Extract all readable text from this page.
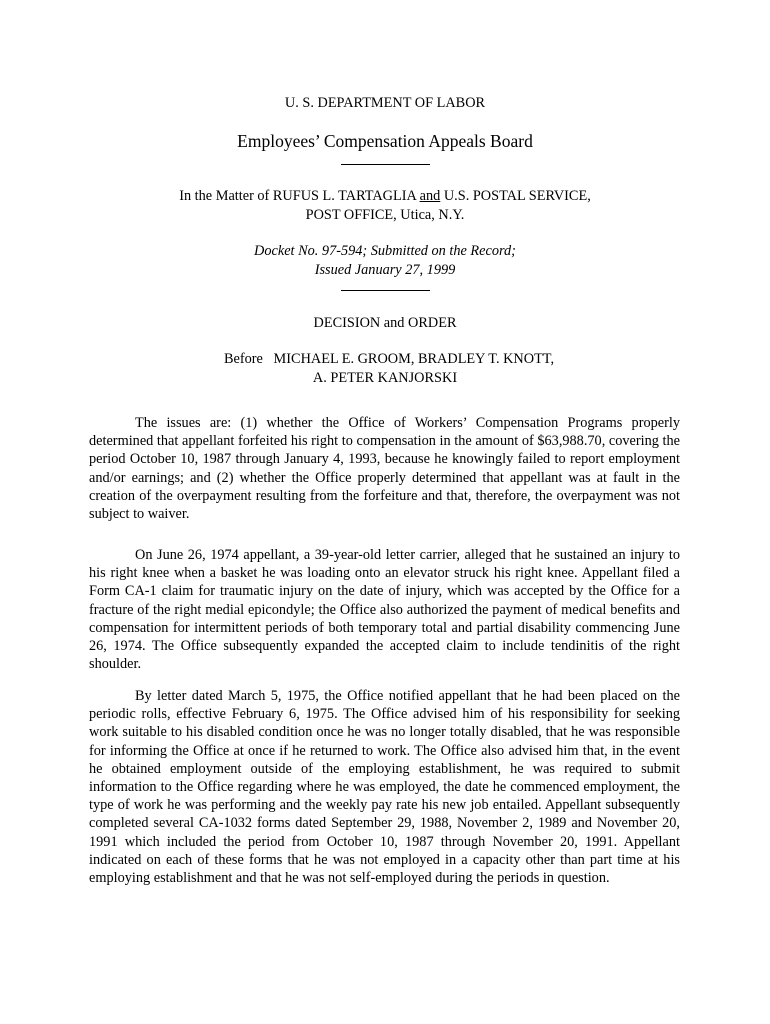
U. S. DEPARTMENT OF LABOR
Employees’ Compensation Appeals Board
In the Matter of RUFUS L. TARTAGLIA and U.S. POSTAL SERVICE,
POST OFFICE, Utica, N.Y.
Docket No. 97-594; Submitted on the Record;
Issued January 27, 1999
DECISION and ORDER
Before   MICHAEL E. GROOM, BRADLEY T. KNOTT,
A. PETER KANJORSKI

The issues are: (1) whether the Office of Workers’ Compensation Programs properly determined that appellant forfeited his right to compensation in the amount of $63,988.70, covering the period October 10, 1987 through January 4, 1993, because he knowingly failed to report employment and/or earnings; and (2) whether the Office properly determined that appellant was at fault in the creation of the overpayment resulting from the forfeiture and that, therefore, the overpayment was not subject to waiver.

On June 26, 1974 appellant, a 39-year-old letter carrier, alleged that he sustained an injury to his right knee when a basket he was loading onto an elevator struck his right knee. Appellant filed a Form CA-1 claim for traumatic injury on the date of injury, which was accepted by the Office for a fracture of the right medial epicondyle; the Office also authorized the payment of medical benefits and compensation for intermittent periods of both temporary total and partial disability commencing June 26, 1974. The Office subsequently expanded the accepted claim to include tendinitis of the right shoulder.

By letter dated March 5, 1975, the Office notified appellant that he had been placed on the periodic rolls, effective February 6, 1975. The Office advised him of his responsibility for seeking work suitable to his disabled condition once he was no longer totally disabled, that he was responsible for informing the Office at once if he returned to work. The Office also advised him that, in the event he obtained employment outside of the employing establishment, he was required to submit information to the Office regarding where he was employed, the date he commenced employment, the type of work he was performing and the weekly pay rate his new job entailed. Appellant subsequently completed several CA-1032 forms dated September 29, 1988, November 2, 1989 and November 20, 1991 which included the period from October 10, 1987 through November 20, 1991. Appellant indicated on each of these forms that he was not employed in a capacity other than part time at his employing establishment and that he was not self-employed during the periods in question.
